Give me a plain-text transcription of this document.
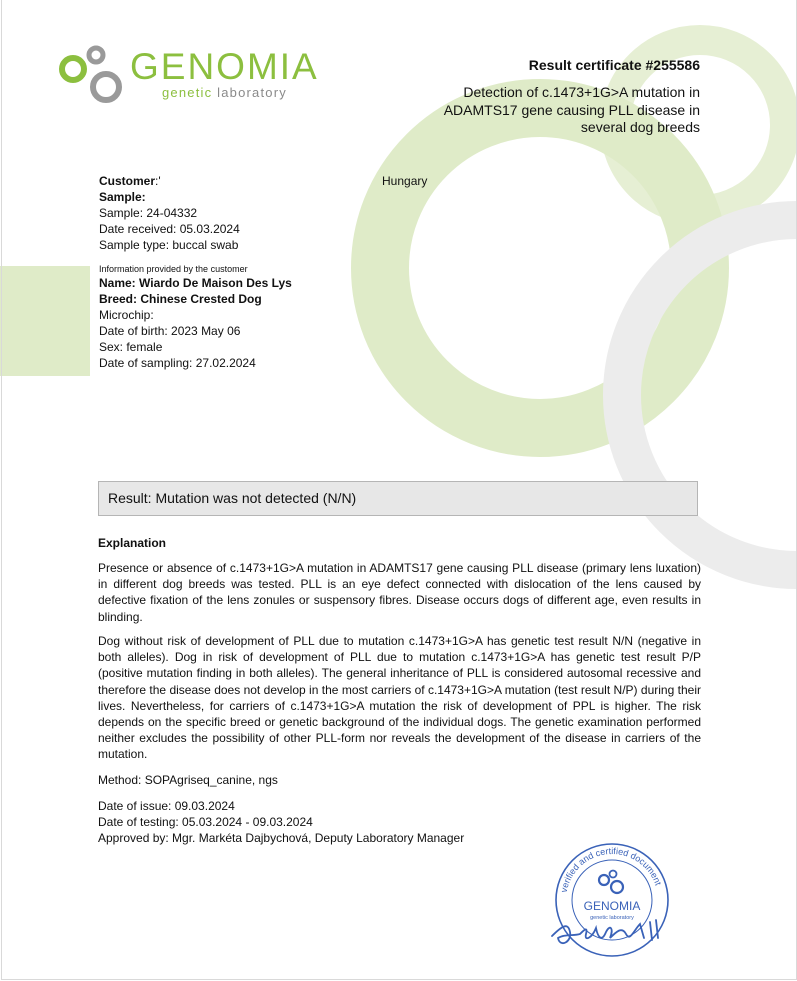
GENOMIA
genetic laboratory
Result certificate #255586
Detection of c.1473+1G>A mutation in ADAMTS17 gene causing PLL disease in several dog breeds
Customer:'	Hungary
Sample:
Sample: 24-04332
Date received: 05.03.2024
Sample type: buccal swab
Information provided by the customer
Name: Wiardo De Maison Des Lys
Breed: Chinese Crested Dog
Microchip:
Date of birth: 2023 May 06
Sex: female
Date of sampling: 27.02.2024
Result: Mutation was not detected (N/N)
Explanation
Presence or absence of c.1473+1G>A mutation in ADAMTS17 gene causing PLL disease (primary lens luxation) in different dog breeds was tested. PLL is an eye defect connected with dislocation of the lens caused by defective fixation of the lens zonules or suspensory fibres. Disease occurs dogs of different age, even results in blinding.
Dog without risk of development of PLL due to mutation c.1473+1G>A has genetic test result N/N (negative in both alleles). Dog in risk of development of PLL due to mutation c.1473+1G>A has genetic test result P/P (positive mutation finding in both alleles). The general inheritance of PLL is considered autosomal recessive and therefore the disease does not develop in the most carriers of c.1473+1G>A mutation (test result N/P) during their lives. Nevertheless, for carriers of c.1473+1G>A mutation the risk of development of PPL is higher. The risk depends on the specific breed or genetic background of the individual dogs. The genetic examination performed neither excludes the possibility of other PLL-form nor reveals the development of the disease in carriers of the mutation.
Method: SOPAgriseq_canine, ngs
Date of issue: 09.03.2024
Date of testing: 05.03.2024 - 09.03.2024
Approved by: Mgr. Markéta Dajbychová, Deputy Laboratory Manager
verified and certified document
GENOMIA
genetic laboratory
